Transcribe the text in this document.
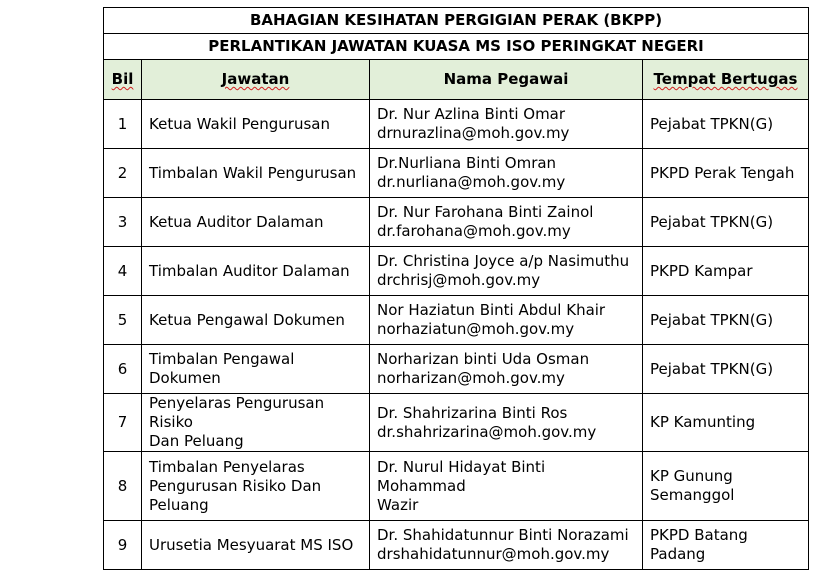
BAHAGIAN KESIHATAN PERGIGIAN PERAK (BKPP)			
PERLANTIKAN JAWATAN KUASA MS ISO PERINGKAT NEGERI			
Bil	Jawatan	Nama Pegawai	Tempat Bertugas
1	Ketua Wakil Pengurusan	Dr. Nur Azlina Binti Omar
drnurazlina@moh.gov.my	Pejabat TPKN(G)

2	Timbalan Wakil Pengurusan	Dr.Nurliana Binti Omran
dr.nurliana@moh.gov.my	PKPD Perak Tengah

3	Ketua Auditor Dalaman	Dr. Nur Farohana Binti Zainol
dr.farohana@moh.gov.my	Pejabat TPKN(G)

4	Timbalan Auditor Dalaman	Dr. Christina Joyce a/p Nasimuthu
drchrisj@moh.gov.my	PKPD Kampar

5	Ketua Pengawal Dokumen	Nor Haziatun Binti Abdul Khair
norhaziatun@moh.gov.my	Pejabat TPKN(G)

6	Timbalan Pengawal Dokumen	Norharizan binti Uda Osman
norharizan@moh.gov.my	Pejabat TPKN(G)

7	Penyelaras Pengurusan Risiko
Dan Peluang	Dr. Shahrizarina Binti Ros
dr.shahrizarina@moh.gov.my	KP Kamunting

8	Timbalan Penyelaras
Pengurusan Risiko Dan
Peluang	Dr. Nurul Hidayat Binti Mohammad
Wazir	KP Gunung
Semanggol

9	Urusetia Mesyuarat MS ISO	Dr. Shahidatunnur Binti Norazami
drshahidatunnur@moh.gov.my	PKPD Batang Padang
